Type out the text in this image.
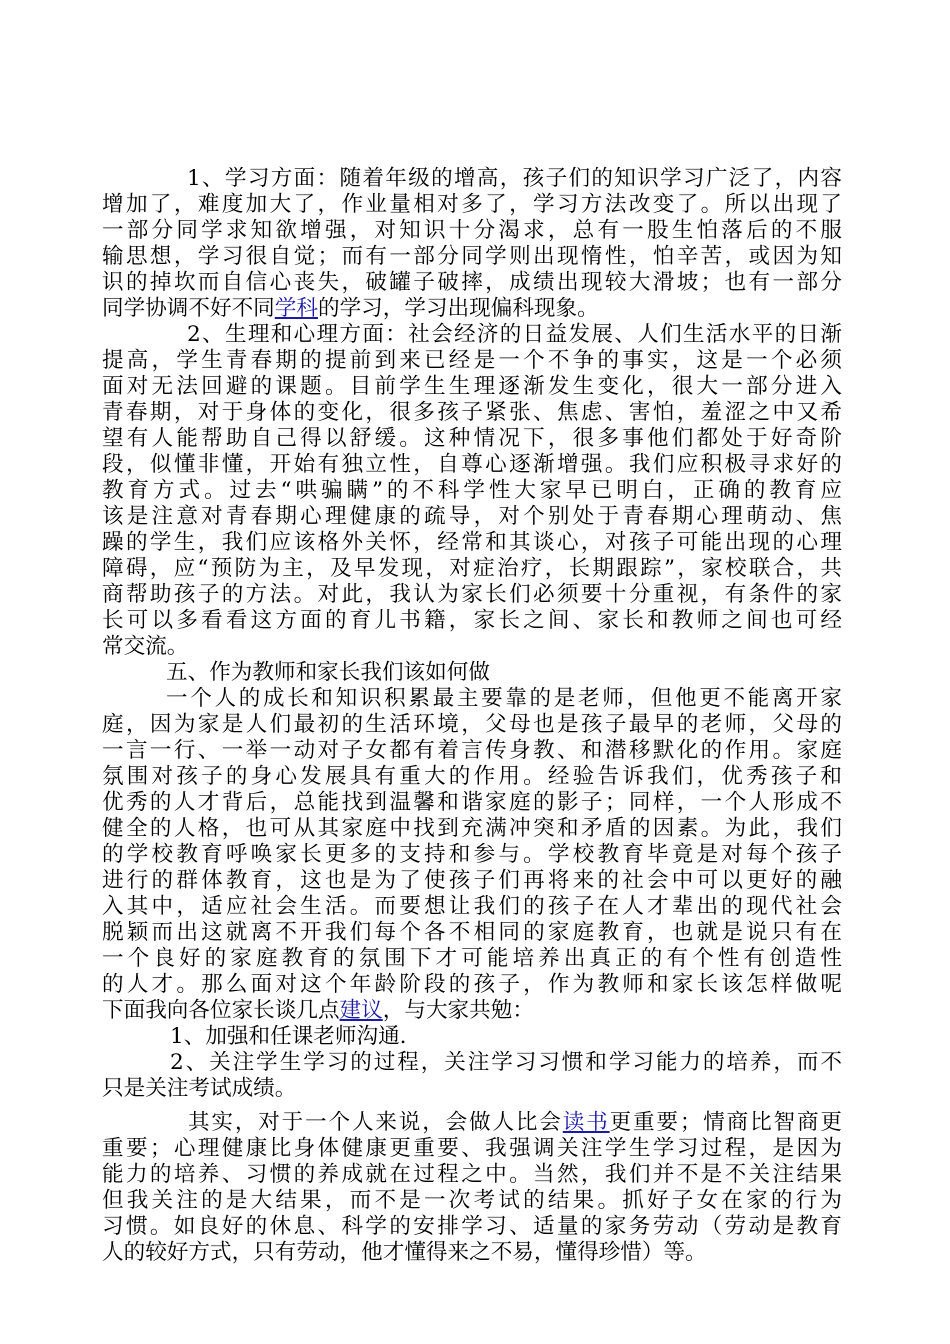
1、学习方面：随着年级的增高，孩子们的知识学习广泛了，内容
增加了，难度加大了，作业量相对多了，学习方法改变了。所以出现了
一部分同学求知欲增强，对知识十分渴求，总有一股生怕落后的不服
输思想，学习很自觉；而有一部分同学则出现惰性，怕辛苦，或因为知
识的掉坎而自信心丧失，破罐子破摔，成绩出现较大滑坡；也有一部分
同学协调不好不同学科的学习，学习出现偏科现象。
2、生理和心理方面：社会经济的日益发展、人们生活水平的日渐
提高，学生青春期的提前到来已经是一个不争的事实，这是一个必须
面对无法回避的课题。目前学生生理逐渐发生变化，很大一部分进入
青春期，对于身体的变化，很多孩子紧张、焦虑、害怕，羞涩之中又希
望有人能帮助自己得以舒缓。这种情况下，很多事他们都处于好奇阶
段，似懂非懂，开始有独立性，自尊心逐渐增强。我们应积极寻求好的
教育方式。过去“哄骗瞒”的不科学性大家早已明白，正确的教育应
该是注意对青春期心理健康的疏导，对个别处于青春期心理萌动、焦
躁的学生，我们应该格外关怀，经常和其谈心，对孩子可能出现的心理
障碍，应“预防为主，及早发现，对症治疗，长期跟踪”，家校联合，共
商帮助孩子的方法。对此，我认为家长们必须要十分重视，有条件的家
长可以多看看这方面的育儿书籍，家长之间、家长和教师之间也可经
常交流。
五、作为教师和家长我们该如何做
一个人的成长和知识积累最主要靠的是老师，但他更不能离开家
庭，因为家是人们最初的生活环境，父母也是孩子最早的老师，父母的
一言一行、一举一动对子女都有着言传身教、和潜移默化的作用。家庭
氛围对孩子的身心发展具有重大的作用。经验告诉我们，优秀孩子和
优秀的人才背后，总能找到温馨和谐家庭的影子；同样，一个人形成不
健全的人格，也可从其家庭中找到充满冲突和矛盾的因素。为此，我们
的学校教育呼唤家长更多的支持和参与。学校教育毕竟是对每个孩子
进行的群体教育，这也是为了使孩子们再将来的社会中可以更好的融
入其中，适应社会生活。而要想让我们的孩子在人才辈出的现代社会
脱颖而出这就离不开我们每个各不相同的家庭教育，也就是说只有在
一个良好的家庭教育的氛围下才可能培养出真正的有个性有创造性
的人才。那么面对这个年龄阶段的孩子，作为教师和家长该怎样做呢
下面我向各位家长谈几点建议，与大家共勉：
1、加强和任课老师沟通.
2、关注学生学习的过程，关注学习习惯和学习能力的培养，而不
只是关注考试成绩。
其实，对于一个人来说，会做人比会读书更重要；情商比智商更
重要；心理健康比身体健康更重要、我强调关注学生学习过程，是因为
能力的培养、习惯的养成就在过程之中。当然，我们并不是不关注结果
但我关注的是大结果，而不是一次考试的结果。抓好子女在家的行为
习惯。如良好的休息、科学的安排学习、适量的家务劳动（劳动是教育
人的较好方式，只有劳动，他才懂得来之不易，懂得珍惜）等。
